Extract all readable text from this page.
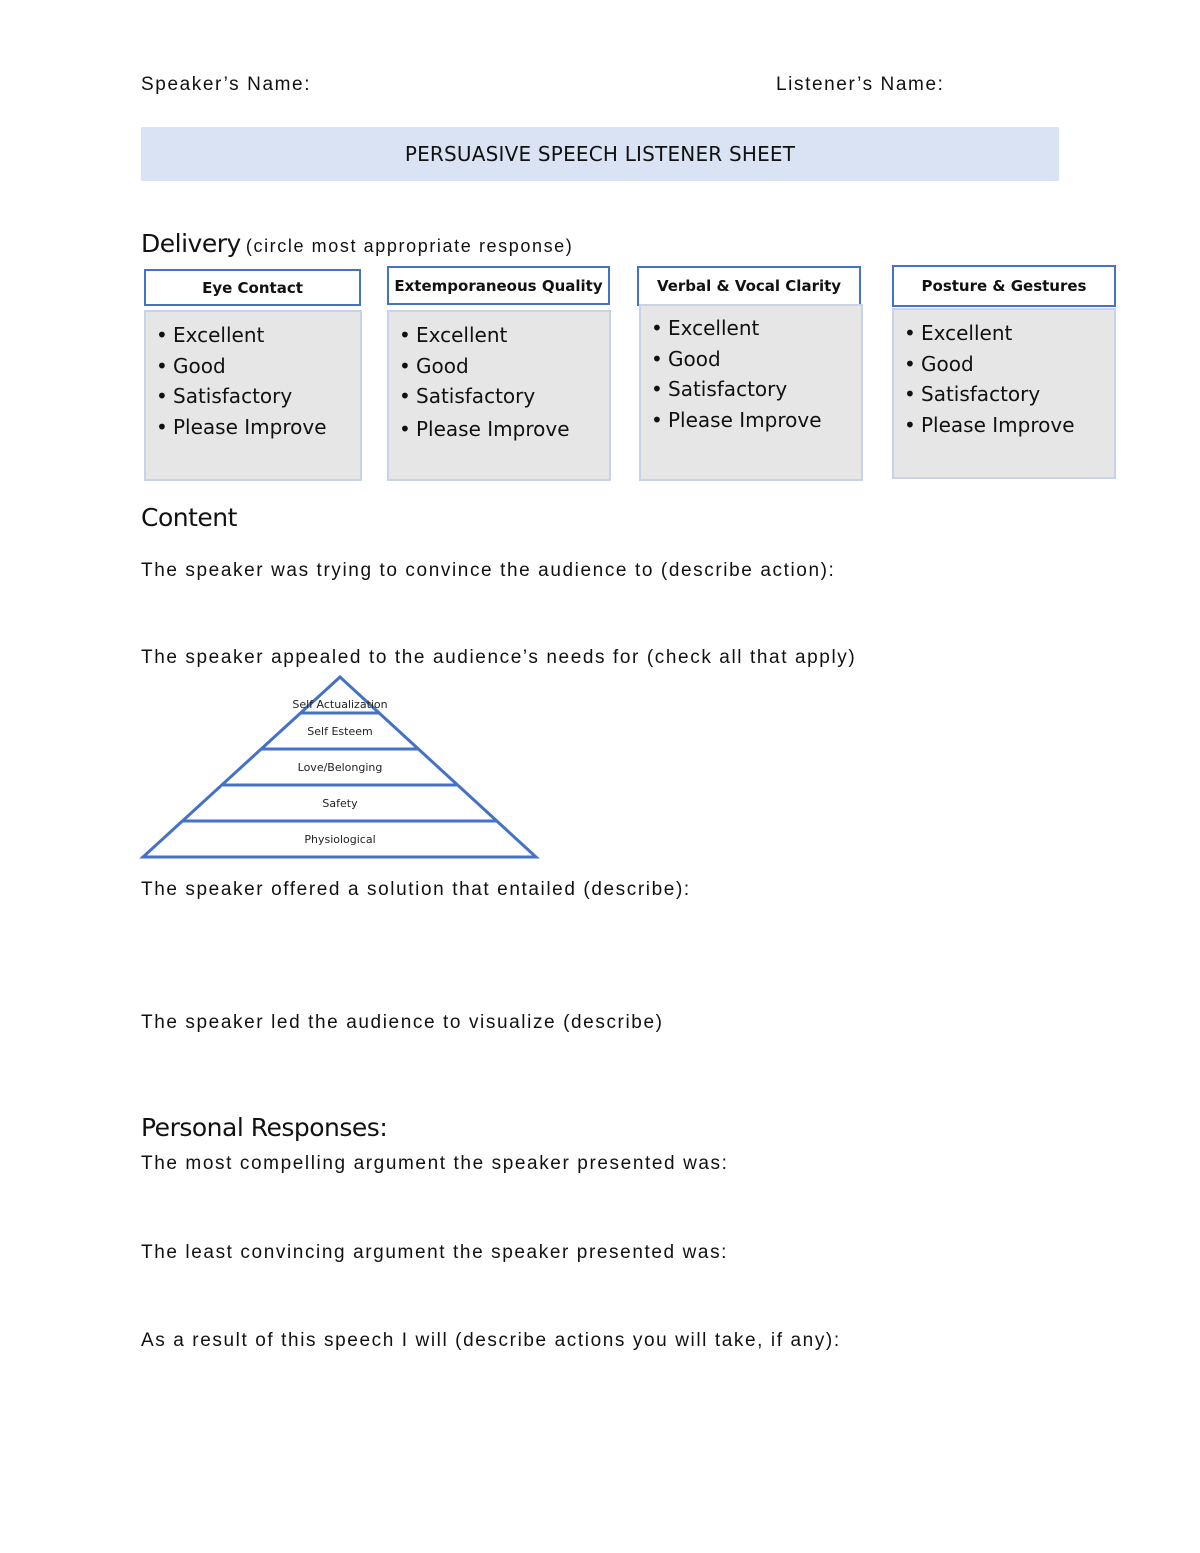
Speaker’s Name:	Listener’s Name:
PERSUASIVE SPEECH LISTENER SHEET
Delivery (circle most appropriate response)
Eye Contact
• Excellent
• Good
• Satisfactory
• Please Improve
Extemporaneous Quality
• Excellent
• Good
• Satisfactory
• Please Improve
Verbal & Vocal Clarity
• Excellent
• Good
• Satisfactory
• Please Improve
Posture & Gestures
• Excellent
• Good
• Satisfactory
• Please Improve
Content
The speaker was trying to convince the audience to (describe action):
The speaker appealed to the audience’s needs for (check all that apply)
Self Actualization
Self Esteem
Love/Belonging
Safety
Physiological
The speaker offered a solution that entailed (describe):
The speaker led the audience to visualize (describe)
Personal Responses:
The most compelling argument the speaker presented was:
The least convincing argument the speaker presented was:
As a result of this speech I will (describe actions you will take, if any):
